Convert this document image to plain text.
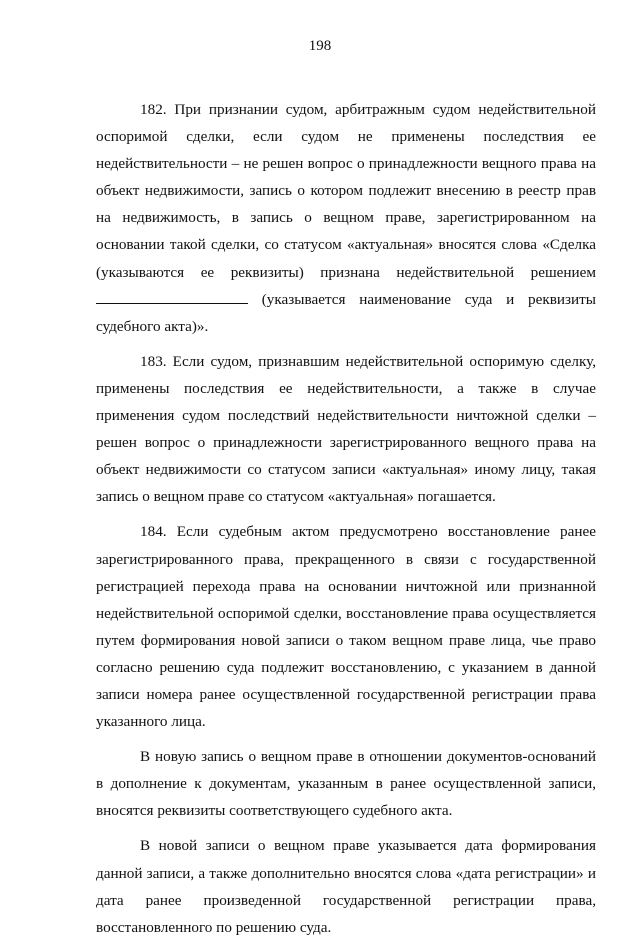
198

182. При признании судом, арбитражным судом недействительной оспоримой сделки, если судом не применены последствия ее недействительности – не решен вопрос о принадлежности вещного права на объект недвижимости, запись о котором подлежит внесению в реестр прав на недвижимость, в запись о вещном праве, зарегистрированном на основании такой сделки, со статусом «актуальная» вносятся слова «Сделка (указываются ее реквизиты) признана недействительной решением  (указывается наименование суда и реквизиты судебного акта)».

183. Если судом, признавшим недействительной оспоримую сделку, применены последствия ее недействительности, а также в случае применения судом последствий недействительности ничтожной сделки – решен вопрос о принадлежности зарегистрированного вещного права на объект недвижимости со статусом записи «актуальная» иному лицу, такая запись о вещном праве со статусом «актуальная» погашается.

184. Если судебным актом предусмотрено восстановление ранее зарегистрированного права, прекращенного в связи с государственной регистрацией перехода права на основании ничтожной или признанной недействительной оспоримой сделки, восстановление права осуществляется путем формирования новой записи о таком вещном праве лица, чье право согласно решению суда подлежит восстановлению, с указанием в данной записи номера ранее осуществленной государственной регистрации права указанного лица.

В новую запись о вещном праве в отношении документов-оснований в дополнение к документам, указанным в ранее осуществленной записи, вносятся реквизиты соответствующего судебного акта.

В новой записи о вещном праве указывается дата формирования данной записи, а также дополнительно вносятся слова «дата регистрации» и дата ранее произведенной государственной регистрации права, восстановленного по решению суда.
